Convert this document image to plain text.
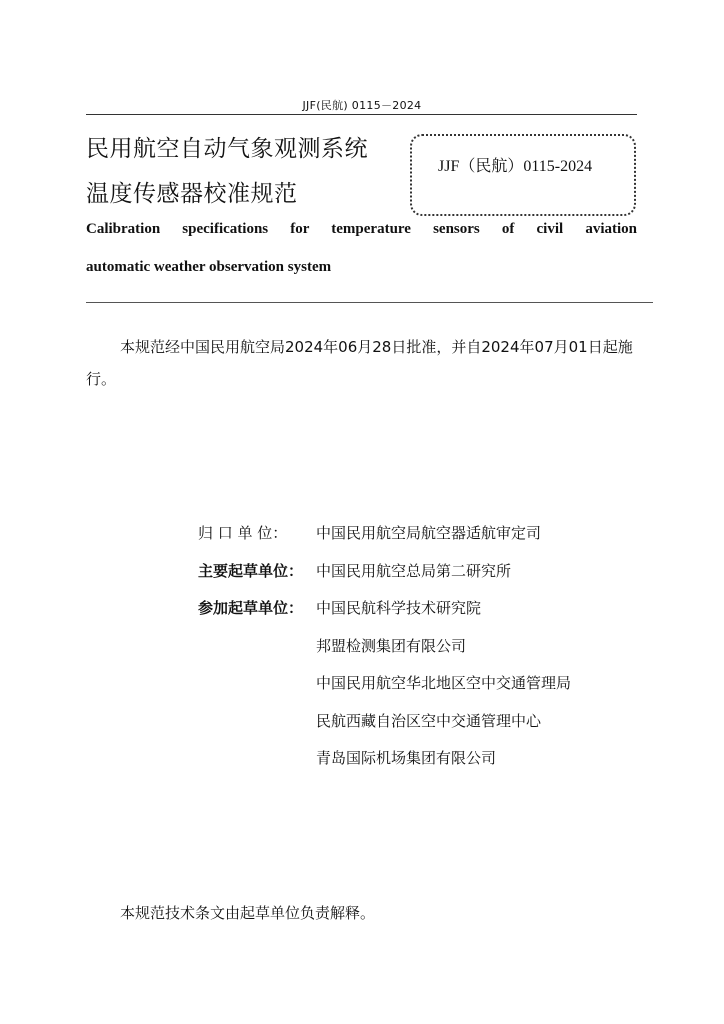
JJF(民航) 0115－2024
民用航空自动气象观测系统
温度传感器校准规范
JJF（民航）0115-2024
Calibration specifications for temperature sensors of civil aviation
automatic weather observation system
本规范经中国民用航空局2024年06月28日批准，并自2024年07月01日起施行。
归 口 单 位：	中国民用航空局航空器适航审定司
主要起草单位： 中国民用航空总局第二研究所
参加起草单位： 中国民航科学技术研究院
邦盟检测集团有限公司
中国民用航空华北地区空中交通管理局
民航西藏自治区空中交通管理中心
青岛国际机场集团有限公司
本规范技术条文由起草单位负责解释。
